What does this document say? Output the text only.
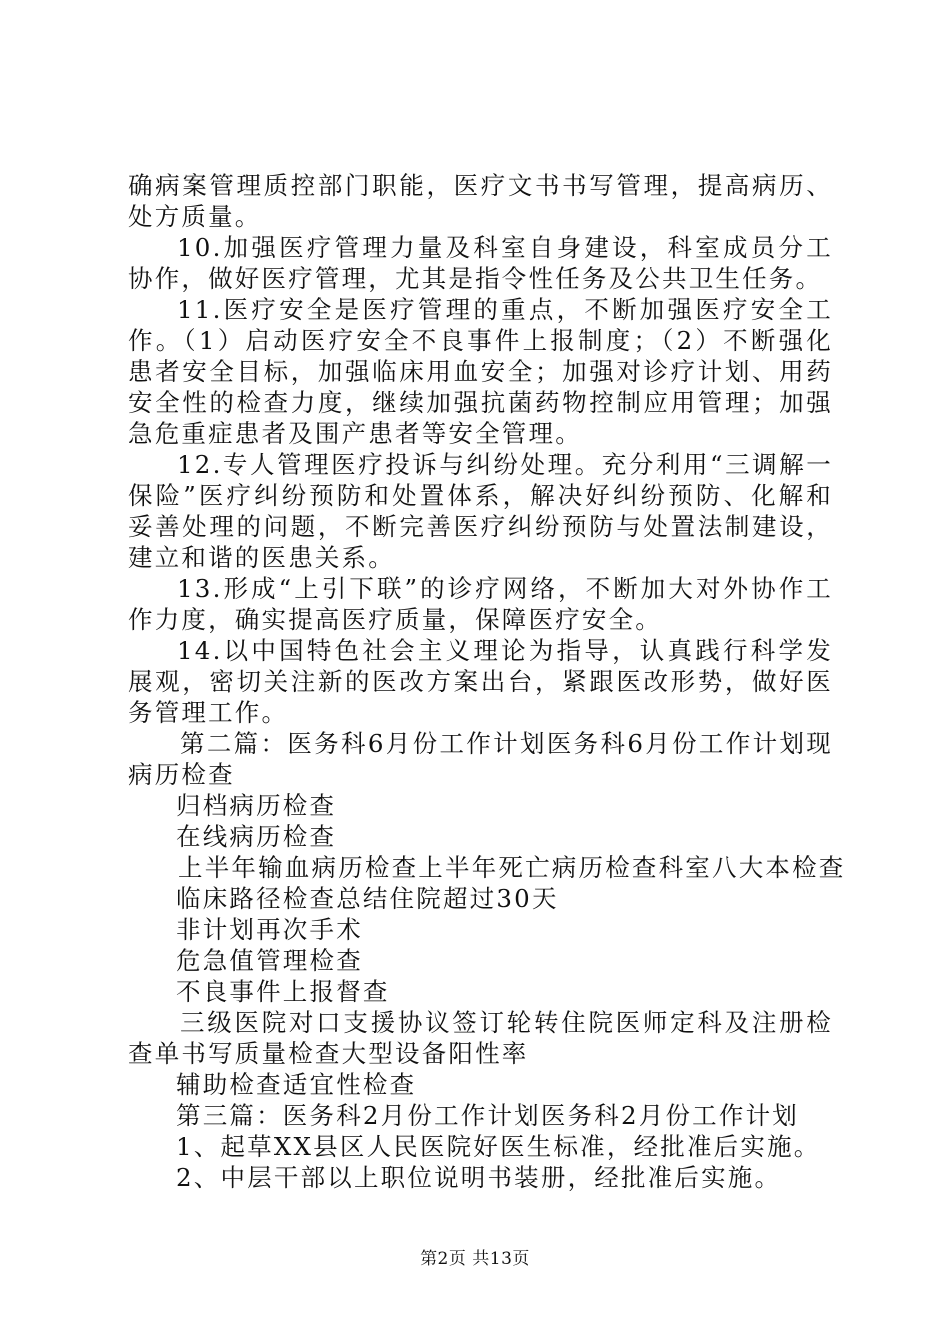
确病案管理质控部门职能，医疗文书书写管理，提高病历、处方质量。

10.加强医疗管理力量及科室自身建设，科室成员分工协作，做好医疗管理，尤其是指令性任务及公共卫生任务。

11.医疗安全是医疗管理的重点，不断加强医疗安全工作。（1）启动医疗安全不良事件上报制度；（2）不断强化患者安全目标，加强临床用血安全；加强对诊疗计划、用药安全性的检查力度，继续加强抗菌药物控制应用管理；加强急危重症患者及围产患者等安全管理。

12.专人管理医疗投诉与纠纷处理。充分利用“三调解一保险”医疗纠纷预防和处置体系，解决好纠纷预防、化解和妥善处理的问题，不断完善医疗纠纷预防与处置法制建设，建立和谐的医患关系。

13.形成“上引下联”的诊疗网络，不断加大对外协作工作力度，确实提高医疗质量，保障医疗安全。

14.以中国特色社会主义理论为指导，认真践行科学发展观，密切关注新的医改方案出台，紧跟医改形势，做好医务管理工作。

第二篇：医务科6月份工作计划医务科6月份工作计划现病历检查

归档病历检查

在线病历检查

上半年输血病历检查上半年死亡病历检查科室八大本检查

临床路径检查总结住院超过30天

非计划再次手术

危急值管理检查

不良事件上报督查

三级医院对口支援协议签订轮转住院医师定科及注册检查单书写质量检查大型设备阳性率

辅助检查适宜性检查

第三篇：医务科2月份工作计划医务科2月份工作计划

1、起草XX县区人民医院好医生标准，经批准后实施。

2、中层干部以上职位说明书装册，经批准后实施。

第2页 共13页
